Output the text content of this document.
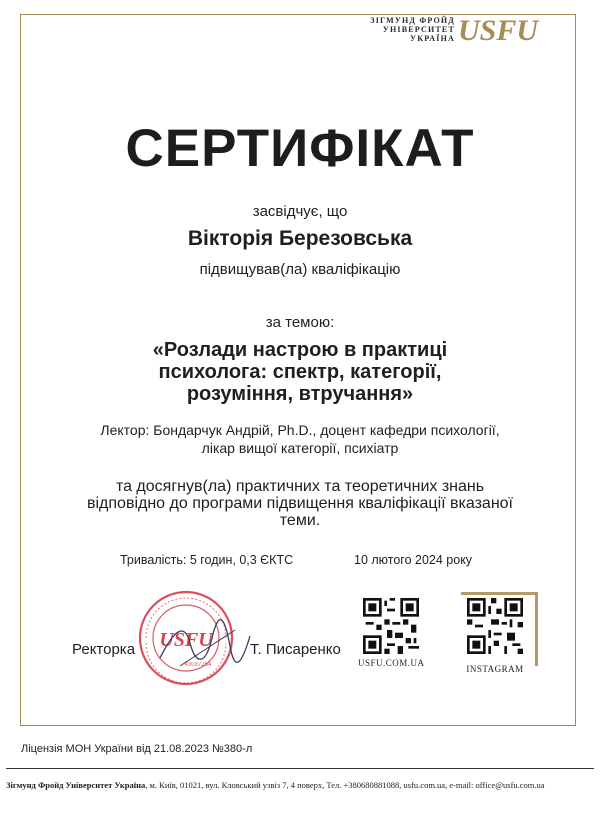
ЗІГМУНД ФРОЙД
УНІВЕРСИТЕТ
УКРАЇНА USFU
СЕРТИФІКАТ
засвідчує, що
Вікторія Березовська
підвищував(ла) кваліфікацію
за темою:
«Розлади настрою в практиці
психолога: спектр, категорії,
розуміння, втручання»
Лектор: Бондарчук Андрій, Ph.D., доцент кафедри психології,
лікар вищої категорії, психіатр
та досягнув(ла) практичних та теоретичних знань
відповідно до програми підвищення кваліфікації вказаної
теми.
Тривалість: 5 годин, 0,3 ЄКТС	10 лютого 2024 року
USFU
43037254
Ректорка	Т. Писаренко
USFU.COM.UA
INSTAGRAM
Ліцензія МОН України від 21.08.2023 №380-л
Зігмунд Фройд Університет Україна, м. Київ, 01021, вул. Кловський узвіз 7, 4 поверх, Тел. +380680881088, usfu.com.ua, e-mail: office@usfu.com.ua
